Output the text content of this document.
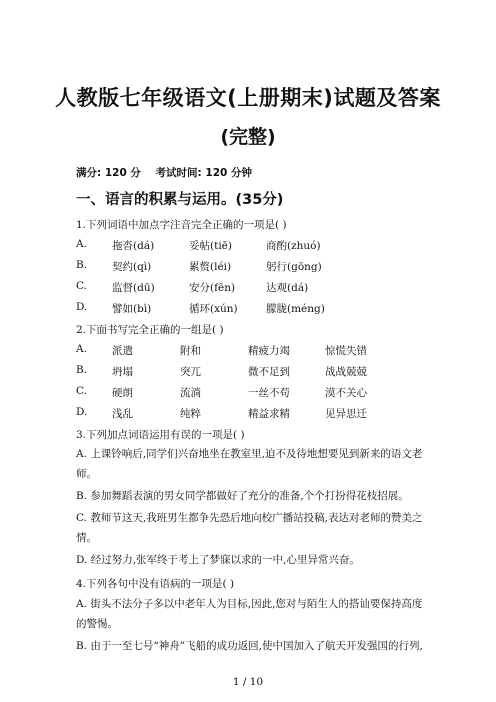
人教版七年级语文(上册期末)试题及答案
(完整)
满分: 120 分    考试时间: 120 分钟
一、语言的积累与运用。(35分)
1.下列词语中加点字注音完全正确的一项是( )
A.	拖沓(dá)	妥帖(tiē)	商酌(zhuó)
B.	契约(qì)	累赘(léi)	躬行(gōng)
C.	监督(dū)	安分(fēn)	达观(dá)
D.	譬如(bì)	循环(xún)	朦胧(méng)
2.下面书写完全正确的一组是( )
A.	派遣	附和	精疲力竭	惊慌失错
B.	坍塌	突兀	微不足到	战战兢兢
C.	硬朗	流淌	一丝不苟	漠不关心
D.	浅乱	纯粹	精益求精	见异思迁
3.下列加点词语运用有误的一项是( )
A. 上课铃响后,同学们兴奋地坐在教室里,迫不及待地想要见到新来的语文老师。
B. 参加舞蹈表演的男女同学都做好了充分的准备,个个打扮得花枝招展。
C. 教师节这天,我班男生都争先恐后地向校广播站投稿,表达对老师的赞美之情。
D. 经过努力,张军终于考上了梦寐以求的一中,心里异常兴奋。
4.下列各句中没有语病的一项是( )
A. 街头不法分子多以中老年人为目标,因此,您对与陌生人的搭讪要保持高度的警惕。
B. 由于一至七号“神舟”飞船的成功返回,使中国加入了航天开发强国的行列,
1 / 10
